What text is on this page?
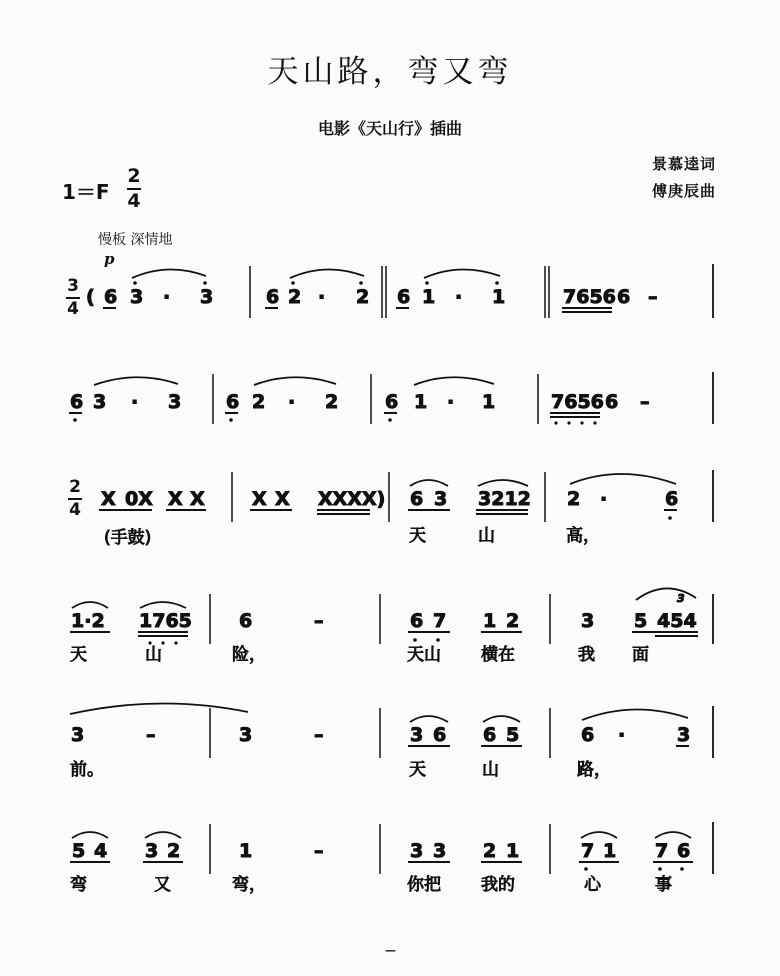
天山路，弯又弯
电影《天山行》插曲
景慕逵词
傅庚辰曲
1＝F
2
4
慢板 深情地
p
3
4
2
4
( 6 3 · 3	6 2 · 2 6 1 · 1	7656 6 –
6 3 · 3 6 2 · 2 6 1 · 1	7656 6 –
X 0X X X X X XXXX) 6 3 3212 2 ·	6
(手鼓)	天	山	高，
1·2 1765 6	–	6 7 1 2	3 5 454
3
天	山	险，	天山 横在	我 面
3	–	3	–	3 6 6 5	6 ·	3
前。	天	山	路，
5 4 3 2	1	–	3 3 2 1	7 1 7 6
弯	又	弯，	你把 我的	心	事
—
